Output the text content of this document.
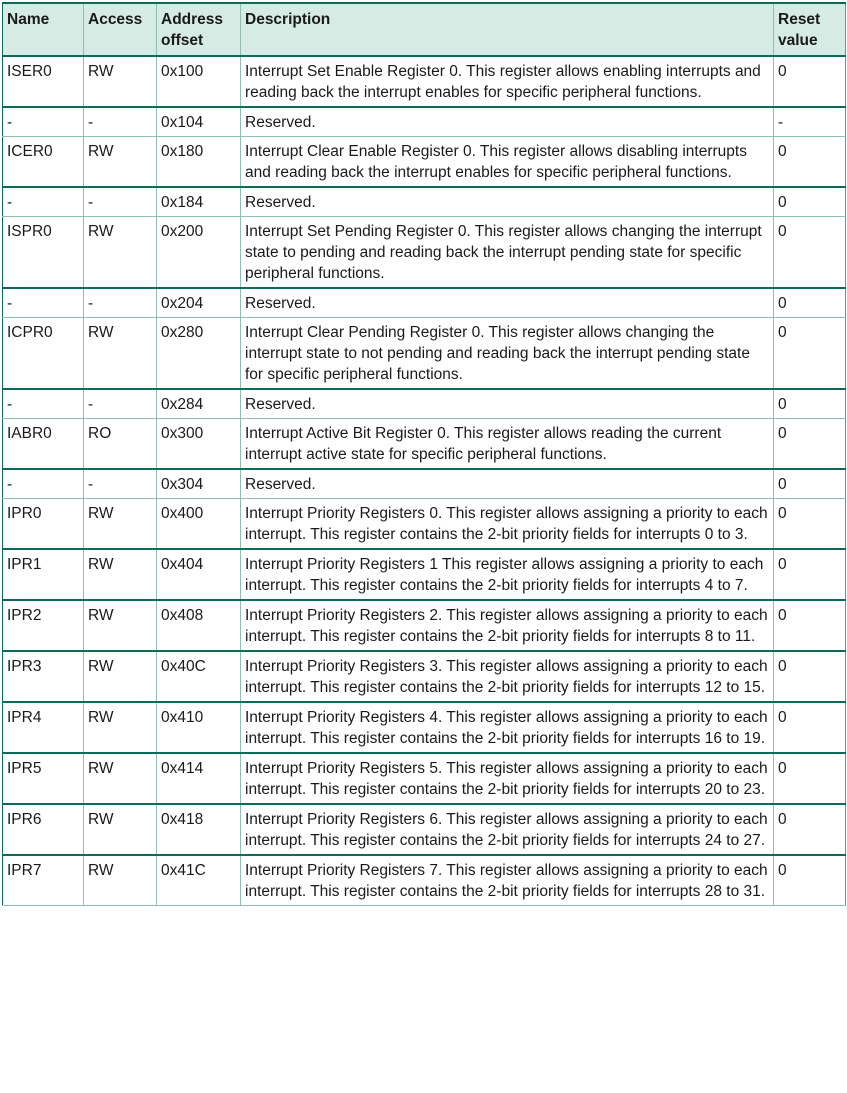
Name	Access	Address offset	Description	Reset value
ISER0	RW	0x100	Interrupt Set Enable Register 0. This register allows enabling interrupts and reading back the interrupt enables for specific peripheral functions.	0
-	-	0x104	Reserved.	-
ICER0	RW	0x180	Interrupt Clear Enable Register 0. This register allows disabling interrupts and reading back the interrupt enables for specific peripheral functions.	0
-	-	0x184	Reserved.	0
ISPR0	RW	0x200	Interrupt Set Pending Register 0. This register allows changing the interrupt state to pending and reading back the interrupt pending state for specific peripheral functions.	0
-	-	0x204	Reserved.	0
ICPR0	RW	0x280	Interrupt Clear Pending Register 0. This register allows changing the interrupt state to not pending and reading back the interrupt pending state for specific peripheral functions.	0
-	-	0x284	Reserved.	0
IABR0	RO	0x300	Interrupt Active Bit Register 0. This register allows reading the current interrupt active state for specific peripheral functions.	0
-	-	0x304	Reserved.	0
IPR0	RW	0x400	Interrupt Priority Registers 0. This register allows assigning a priority to each interrupt. This register contains the 2-bit priority fields for interrupts 0 to 3.	0
IPR1	RW	0x404	Interrupt Priority Registers 1 This register allows assigning a priority to each interrupt. This register contains the 2-bit priority fields for interrupts 4 to 7.	0
IPR2	RW	0x408	Interrupt Priority Registers 2. This register allows assigning a priority to each interrupt. This register contains the 2-bit priority fields for interrupts 8 to 11.	0
IPR3	RW	0x40C	Interrupt Priority Registers 3. This register allows assigning a priority to each interrupt. This register contains the 2-bit priority fields for interrupts 12 to 15.	0
IPR4	RW	0x410	Interrupt Priority Registers 4. This register allows assigning a priority to each interrupt. This register contains the 2-bit priority fields for interrupts 16 to 19.	0
IPR5	RW	0x414	Interrupt Priority Registers 5. This register allows assigning a priority to each interrupt. This register contains the 2-bit priority fields for interrupts 20 to 23.	0
IPR6	RW	0x418	Interrupt Priority Registers 6. This register allows assigning a priority to each interrupt. This register contains the 2-bit priority fields for interrupts 24 to 27.	0
IPR7	RW	0x41C	Interrupt Priority Registers 7. This register allows assigning a priority to each interrupt. This register contains the 2-bit priority fields for interrupts 28 to 31.	0
